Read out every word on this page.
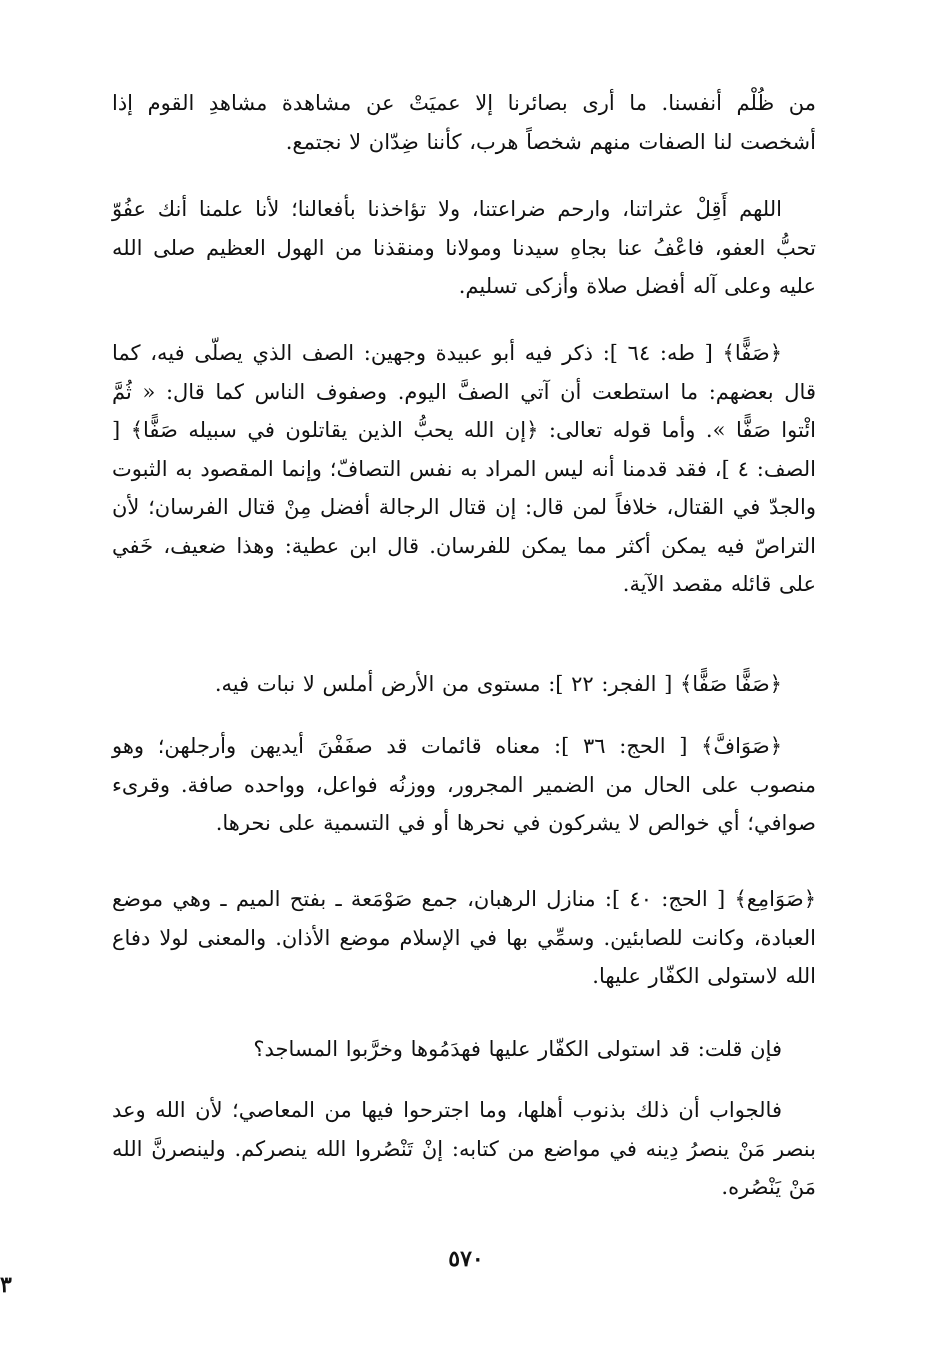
من ظُلْم أنفسنا. ما أرى بصائرنا إلا عميَتْ عن مشاهدة مشاهدِ القوم إذا أشخصت لنا الصفات منهم شخصاً هرب، كأننا ضِدّان لا نجتمع.

اللهم أَقِلْ عثراتنا، وارحم ضراعتنا، ولا تؤاخذنا بأفعالنا؛ لأنا علمنا أنك عفُوّ تحبُّ العفو، فاعْفُ عنا بجاهِ سيدنا ومولانا ومنقذنا من الهول العظيم صلى الله عليه وعلى آله أفضل صلاة وأزكى تسليم.

﴿صَفًّا﴾ [ طه: ٦٤ ]: ذكر فيه أبو عبيدة وجهين: الصف الذي يصلّى فيه، كما قال بعضهم: ما استطعت أن آتي الصفَّ اليوم. وصفوف الناس كما قال: « ثُمَّ ائْتوا صَفًّا ». وأما قوله تعالى: ﴿إن الله يحبُّ الذين يقاتلون في سبيله صَفًّا﴾ [ الصف: ٤ ]، فقد قدمنا أنه ليس المراد به نفس التصافّ؛ وإنما المقصود به الثبوت والجدّ في القتال، خلافاً لمن قال: إن قتال الرجالة أفضل مِنْ قتال الفرسان؛ لأن التراصّ فيه يمكن أكثر مما يمكن للفرسان. قال ابن عطية: وهذا ضعيف، خَفي على قائله مقصد الآية.

﴿صَفًّا صَفًّا﴾ [ الفجر: ٢٢ ]: مستوى من الأرض أملس لا نبات فيه.

﴿صَوَافَّ﴾ [ الحج: ٣٦ ]: معناه قائمات قد صفَفْنَ أيديهن وأرجلهن؛ وهو منصوب على الحال من الضمير المجرور، ووزنُه فواعل، وواحده صافة. وقرىء صوافي؛ أي خوالص لا يشركون في نحرها أو في التسمية على نحرها.

﴿صَوَامِع﴾ [ الحج: ٤٠ ]: منازل الرهبان، جمع صَوْمَعة ـ بفتح الميم ـ وهي موضع العبادة، وكانت للصابئين. وسمِّي بها في الإسلام موضع الأذان. والمعنى لولا دفاع الله لاستولى الكفّار عليها.

فإن قلت: قد استولى الكفّار عليها فهدَمُوها وخرَّبوا المساجد؟

فالجواب أن ذلك بذنوب أهلها، وما اجترحوا فيها من المعاصي؛ لأن الله وعد بنصر مَنْ ينصرُ دِينه في مواضع من كتابه: إنْ تَنْصُروا الله ينصركم. ولينصرنَّ الله مَنْ يَنْصُره.

٥٧٠
٣
